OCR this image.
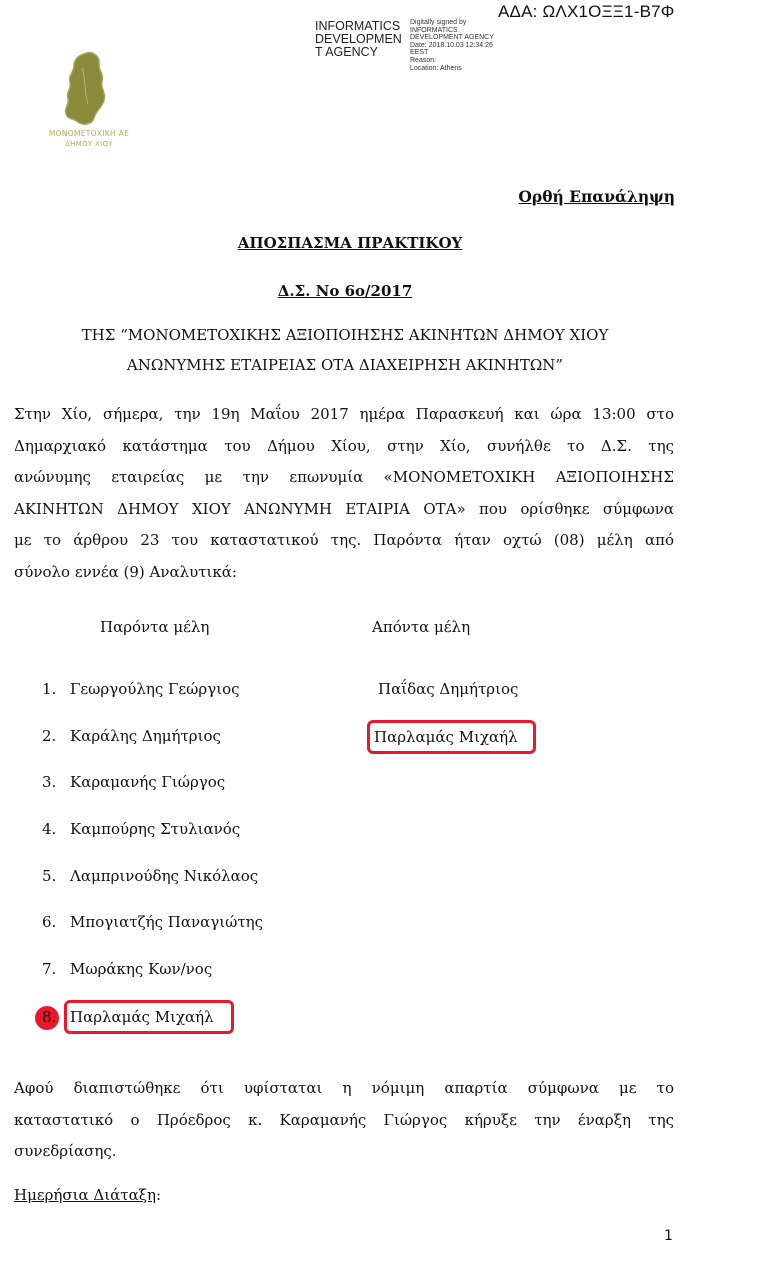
ΑΔΑ: ΩΛΧ1ΟΞΞ1-Β7Φ
INFORMATICS
DEVELOPMEN
T AGENCY
Digitally signed by
INFORMATICS
DEVELOPMENT AGENCY
Date: 2018.10.03 12:34:26
EEST
Reason:
Location: Athens
ΜΟΝΟΜΕΤΟΧΙΚΗ ΑΕ
ΔΗΜΟΥ ΧΙΟΥ
Ορθή Επανάληψη
ΑΠΟΣΠΑΣΜΑ ΠΡΑΚΤΙΚΟΥ
Δ.Σ. Νο 6ο/2017
ΤΗΣ “ΜΟΝΟΜΕΤΟΧΙΚΗΣ ΑΞΙΟΠΟΙΗΣΗΣ ΑΚΙΝΗΤΩΝ ΔΗΜΟΥ ΧΙΟΥ
ΑΝΩΝΥΜΗΣ ΕΤΑΙΡΕΙΑΣ ΟΤΑ ΔΙΑΧΕΙΡΗΣΗ ΑΚΙΝΗΤΩΝ”
Στην Χίο, σήμερα, την 19η Μαΐου 2017 ημέρα Παρασκευή και ώρα 13:00 στο
Δημαρχιακό κατάστημα του Δήμου Χίου, στην Χίο, συνήλθε το Δ.Σ. της
ανώνυμης εταιρείας με την επωνυμία «ΜΟΝΟΜΕΤΟΧΙΚΗ ΑΞΙΟΠΟΙΗΣΗΣ
ΑΚΙΝΗΤΩΝ ΔΗΜΟΥ ΧΙΟΥ ΑΝΩΝΥΜΗ ΕΤΑΙΡΙΑ ΟΤΑ» που ορίσθηκε σύμφωνα
με το άρθρου 23 του καταστατικού της. Παρόντα ήταν οχτώ (08) μέλη από
σύνολο εννέα (9) Αναλυτικά:
Παρόντα μέλη	Απόντα μέλη
1. Γεωργούλης Γεώργιος
2. Καράλης Δημήτριος
3. Καραμανής Γιώργος
4. Καμπούρης Στυλιανός
5. Λαμπρινούδης Νικόλαος
6. Μπογιατζής Παναγιώτης
7. Μωράκης Κων/νος
8. Παρλαμάς Μιχαήλ
Παΐδας Δημήτριος
Παρλαμάς Μιχαήλ
Αφού διαπιστώθηκε ότι υφίσταται η νόμιμη απαρτία σύμφωνα με το
καταστατικό ο Πρόεδρος κ. Καραμανής Γιώργος κήρυξε την έναρξη της
συνεδρίασης.
Ημερήσια Διάταξη:
1
